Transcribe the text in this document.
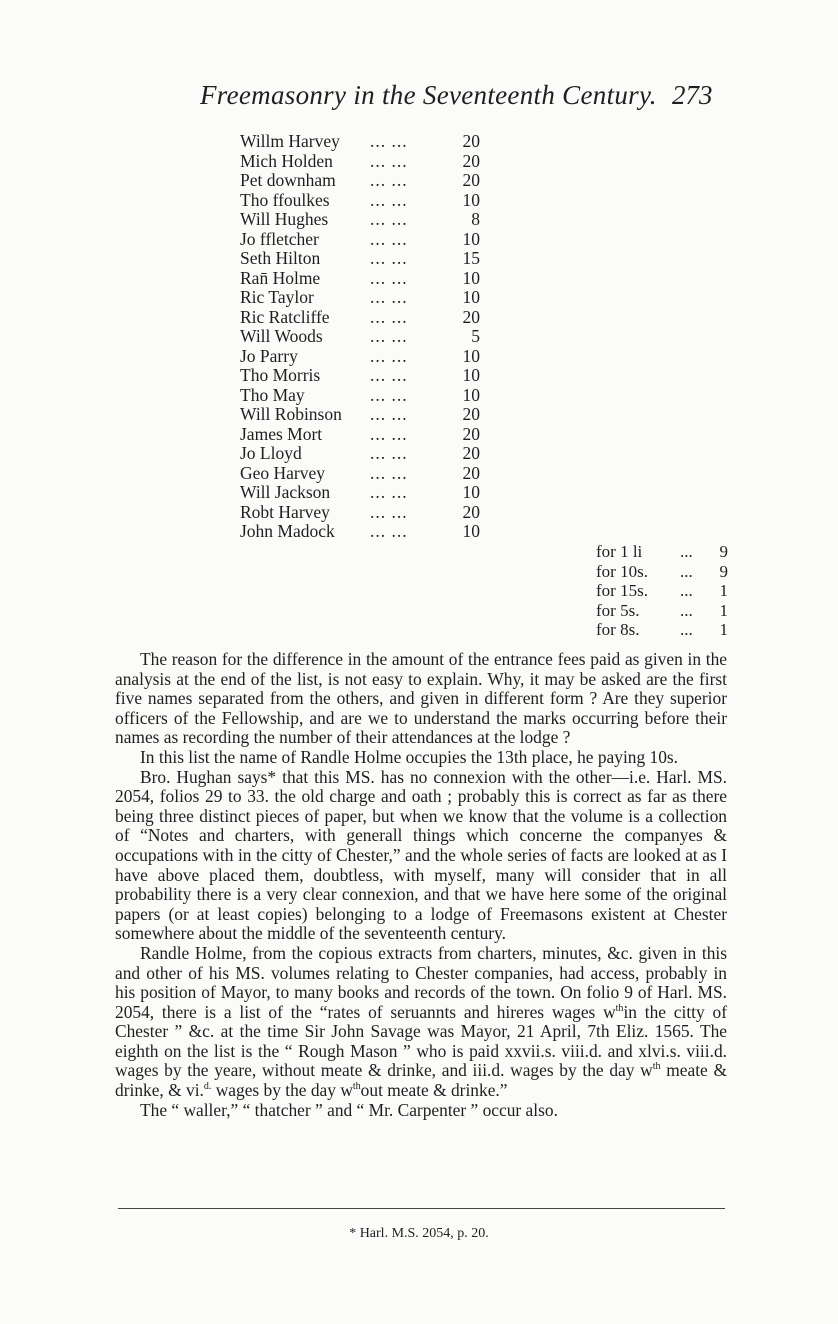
Freemasonry in the Seventeenth Century. 273
Willm Harvey ... ...	20
Mich Holden ... ...	20
Pet downham ... ...	20
Tho ffoulkes ... ...	10
Will Hughes ... ...	8
Jo ffletcher	... ...	10
Seth Hilton	... ...	15
Ran̄ Holme	... ...	10
Ric Taylor	... ...	10
Ric Ratcliffe ... ...	20
Will Woods	... ...	5
Jo Parry	... ...	10
Tho Morris	... ...	10
Tho May	... ...	10
Will Robinson ... ...	20
James Mort	... ...	20
Jo Lloyd	... ...	20
Geo Harvey	... ...	20
Will Jackson ... ...	10
Robt Harvey ... ...	20
John Madock ... ...	10
for 1 li ... 9
for 10s. ... 9
for 15s. ... 1
for 5s. ... 1
for 8s. ... 1

The reason for the difference in the amount of the entrance fees paid as given in the analysis at the end of the list, is not easy to explain. Why, it may be asked are the first five names separated from the others, and given in different form ? Are they superior officers of the Fellowship, and are we to understand the marks occurring before their names as recording the number of their attendances at the lodge ?

In this list the name of Randle Holme occupies the 13th place, he paying 10s.

Bro. Hughan says* that this MS. has no connexion with the other—i.e. Harl. MS. 2054, folios 29 to 33. the old charge and oath ; probably this is correct as far as there being three distinct pieces of paper, but when we know that the volume is a collection of “Notes and charters, with generall things which concerne the companyes & occupations with in the citty of Chester,” and the whole series of facts are looked at as I have above placed them, doubtless, with myself, many will consider that in all probability there is a very clear connexion, and that we have here some of the original papers (or at least copies) belonging to a lodge of Freemasons existent at Chester somewhere about the middle of the seventeenth century.

Randle Holme, from the copious extracts from charters, minutes, &c. given in this and other of his MS. volumes relating to Chester companies, had access, probably in his position of Mayor, to many books and records of the town. On folio 9 of Harl. MS. 2054, there is a list of the “rates of seruannts and hireres wages $w^{th}in$ the citty of Chester ” &c. at the time Sir John Savage was Mayor, 21 April, 7th Eliz. 1565. The eighth on the list is the “ Rough Mason ” who is paid xxvii.s. viii.d. and xlvi.s. viii.d. wages by the yeare, without meate & drinke, and iii.d. wages by the day $w^{th}$ meate & drinke, & vi.$^{d.}$ wages by the day $w^{th}out$ meate & drinke.”

The “ waller,” “ thatcher ” and “ Mr. Carpenter ” occur also.

* Harl. M.S. 2054, p. 20.
